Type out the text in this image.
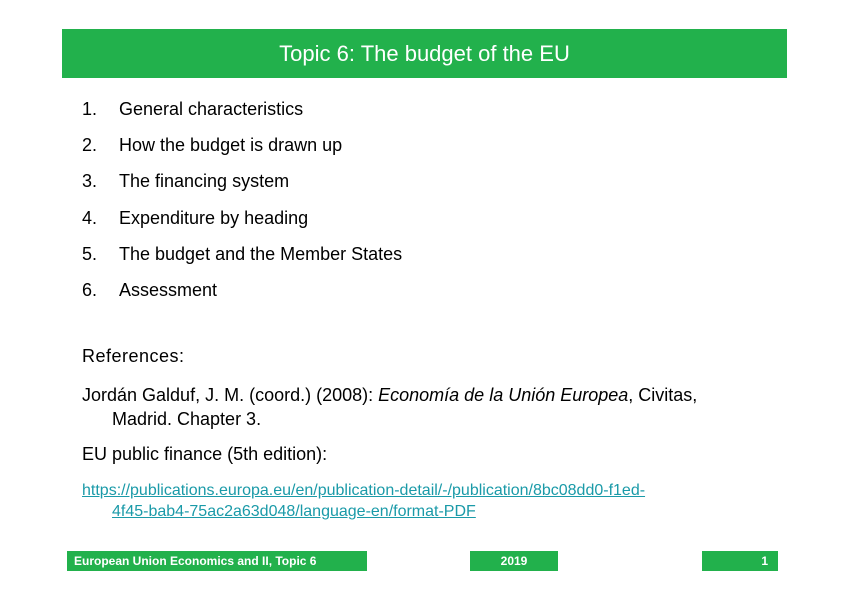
Topic 6: The budget of the EU
1.	General characteristics
2.	How the budget is drawn up
3.	The financing system
4.	Expenditure by heading
5.	The budget and the Member States
6.	Assessment
References:
Jordán Galduf, J. M. (coord.) (2008): Economía de la Unión Europea, Civitas,
Madrid. Chapter 3.
EU public finance (5th edition):
https://publications.europa.eu/en/publication-detail/-/publication/8bc08dd0-f1ed-
4f45-bab4-75ac2a63d048/language-en/format-PDF
European Union Economics and II, Topic 6	2019	1
